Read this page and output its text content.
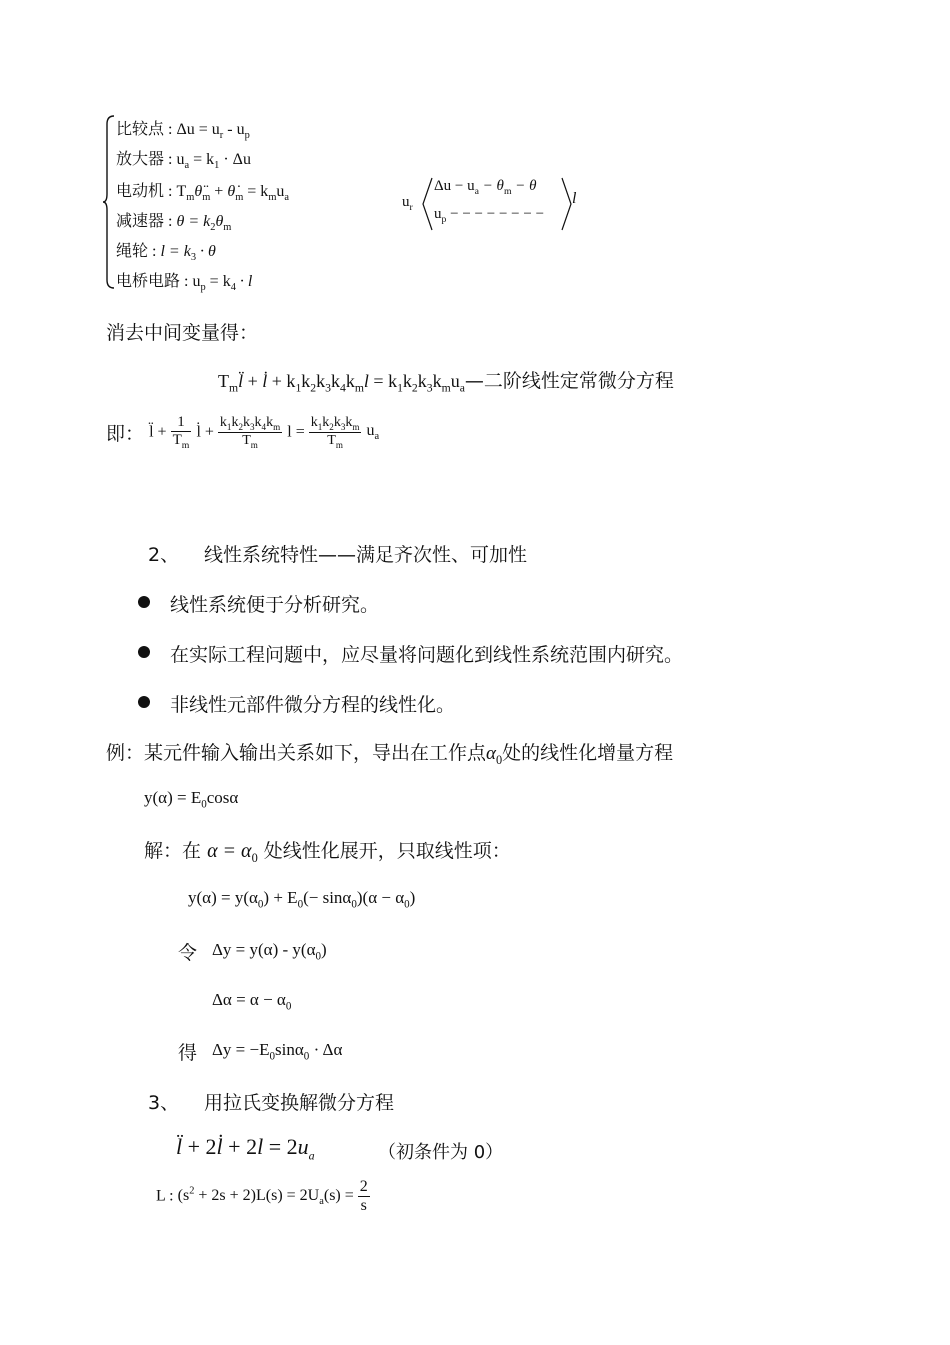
比较点 : $\Delta u = u_r - u_p$
放大器 : $u_a = k_1 \cdot \Delta u$
电动机 : $T_m\thetä_m$ + $\thetȧ_m = k_mu_a$
减速器 : $\theta = k_2\theta_m$
绳轮 : $l = k_3 \cdot \theta$
电桥电路 : $u_p = k_4 \cdot l$
$u_r$
$\Delta u - u_a - \theta_m - \theta$
$u_p$ − − − − − − − −
l
消去中间变量得：
$T_ml̈$ + l̇ + $k_1k_2k_3k_4k_ml$ = $k_1k_2k_3k_mu_a—$二阶线性定常微分方程
即： l̈ + $\frac{1}{T_m}$ l̇ + $\frac{k_1k_2k_3k_4k_m}{T_m}$ $l = \frac{k_1k_2k_3k_m}{T_m} u_a$
2、 线性系统特性——满足齐次性、可加性
线性系统便于分析研究。
在实际工程问题中，应尽量将问题化到线性系统范围内研究。
非线性元部件微分方程的线性化。
例：某元件输入输出关系如下，导出在工作点$\alpha_0$处的线性化增量方程
$y(\alpha) = E_0\cos\alpha$
解：在 $\alpha = \alpha_0$ 处线性化展开，只取线性项：
$y(\alpha) = y(\alpha_0) + E_0(- \sin\alpha_0)(\alpha - \alpha_0)$
令 $\Delta y = y(\alpha) - y(\alpha_0)$
$\Delta\alpha = \alpha - \alpha_0$
得 $\Delta y = -E_0\sin\alpha_0 \cdot \Delta\alpha$
3、 用拉氏变换解微分方程
l̈ + 2l̇ + $2l = 2u_a$	（初条件为 0）
L : $(s^2 + 2s + 2)L(s) = 2U_a(s) = \frac{2}{s}$
